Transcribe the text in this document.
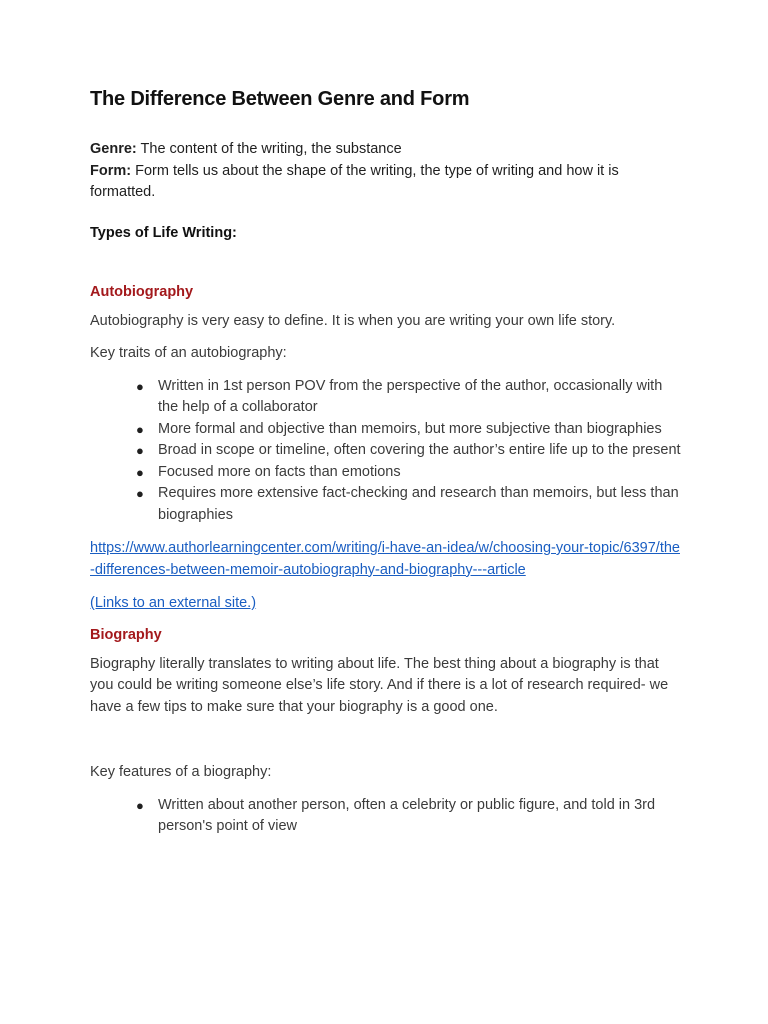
The Difference Between Genre and Form
Genre: The content of the writing, the substance
Form: Form tells us about the shape of the writing, the type of writing and how it is formatted.
Types of Life Writing:
Autobiography
Autobiography is very easy to define. It is when you are writing your own life story.
Key traits of an autobiography:
● Written in 1st person POV from the perspective of the author, occasionally with the help of a collaborator
● More formal and objective than memoirs, but more subjective than biographies
● Broad in scope or timeline, often covering the author’s entire life up to the present
● Focused more on facts than emotions
● Requires more extensive fact-checking and research than memoirs, but less than biographies
https://www.authorlearningcenter.com/writing/i-have-an-idea/w/choosing-your-topic/6397/the-differences-between-memoir-autobiography-and-biography---article
(Links to an external site.)
Biography
Biography literally translates to writing about life. The best thing about a biography is that you could be writing someone else’s life story. And if there is a lot of research required- we have a few tips to make sure that your biography is a good one.
Key features of a biography:
● Written about another person, often a celebrity or public figure, and told in 3rd person's point of view
